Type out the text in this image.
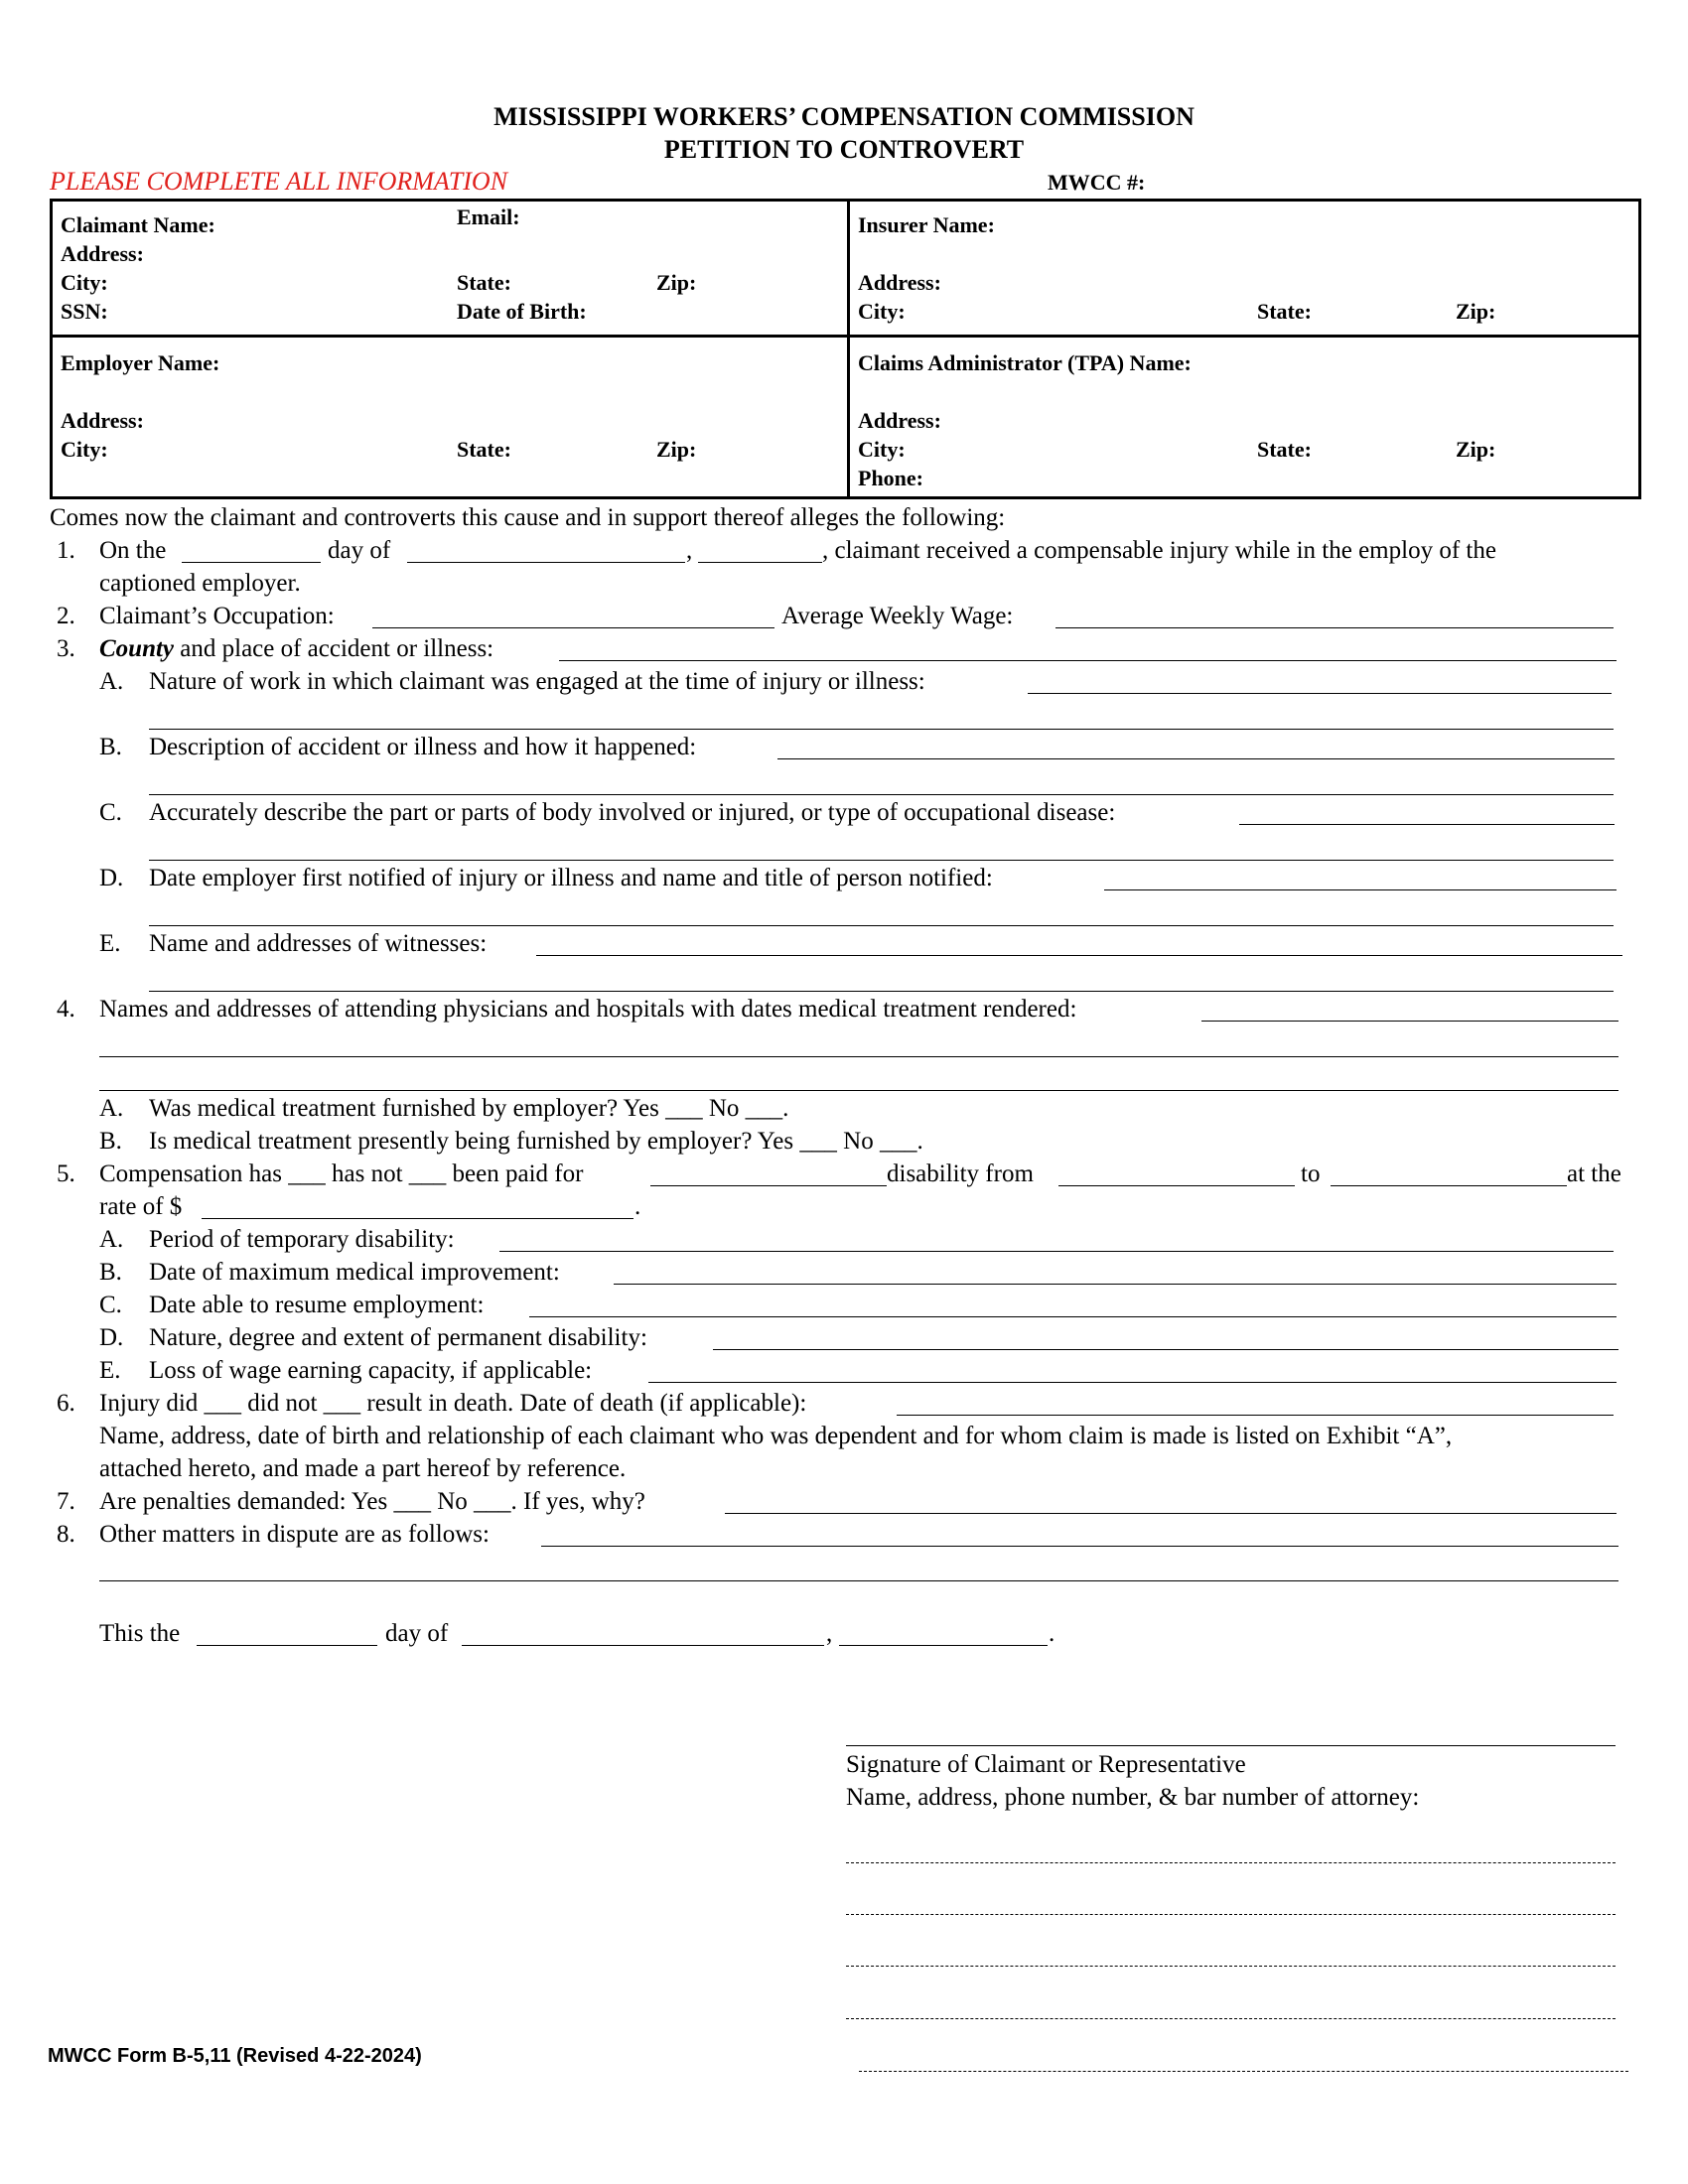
MISSISSIPPI WORKERS’ COMPENSATION COMMISSION
PETITION TO CONTROVERT
PLEASE COMPLETE ALL INFORMATION	MWCC #:
Claimant Name:	Email:
Address:
City:	State:	Zip:
SSN:	Date of Birth:
Insurer Name:
Address:
City:	State:	Zip:
Employer Name:
Address:
City:	State:	Zip:
Claims Administrator (TPA) Name:
Address:
City:	State:	Zip:
Phone:
Comes now the claimant and controverts this cause and in support thereof alleges the following:
1. On the	day of	,	, claimant received a compensable injury while in the employ of the
captioned employer.
2. Claimant’s Occupation:	Average Weekly Wage:
3. County and place of accident or illness:
A. Nature of work in which claimant was engaged at the time of injury or illness:
B. Description of accident or illness and how it happened:
C. Accurately describe the part or parts of body involved or injured, or type of occupational disease:
D. Date employer first notified of injury or illness and name and title of person notified:
E. Name and addresses of witnesses:
4. Names and addresses of attending physicians and hospitals with dates medical treatment rendered:
A. Was medical treatment furnished by employer? Yes ___ No ___.
B. Is medical treatment presently being furnished by employer? Yes ___ No ___.
5. Compensation has ___ has not ___ been paid for	disability from	to	at the
rate of $	.
A. Period of temporary disability:
B. Date of maximum medical improvement:
C. Date able to resume employment:
D. Nature, degree and extent of permanent disability:
E. Loss of wage earning capacity, if applicable:
6. Injury did ___ did not ___ result in death. Date of death (if applicable):
Name, address, date of birth and relationship of each claimant who was dependent and for whom claim is made is listed on Exhibit “A”,
attached hereto, and made a part hereof by reference.
7. Are penalties demanded: Yes ___ No ___. If yes, why?
8. Other matters in dispute are as follows:
This the	day of	,	.
Signature of Claimant or Representative
Name, address, phone number, & bar number of attorney:
MWCC Form B-5,11 (Revised 4-22-2024)
